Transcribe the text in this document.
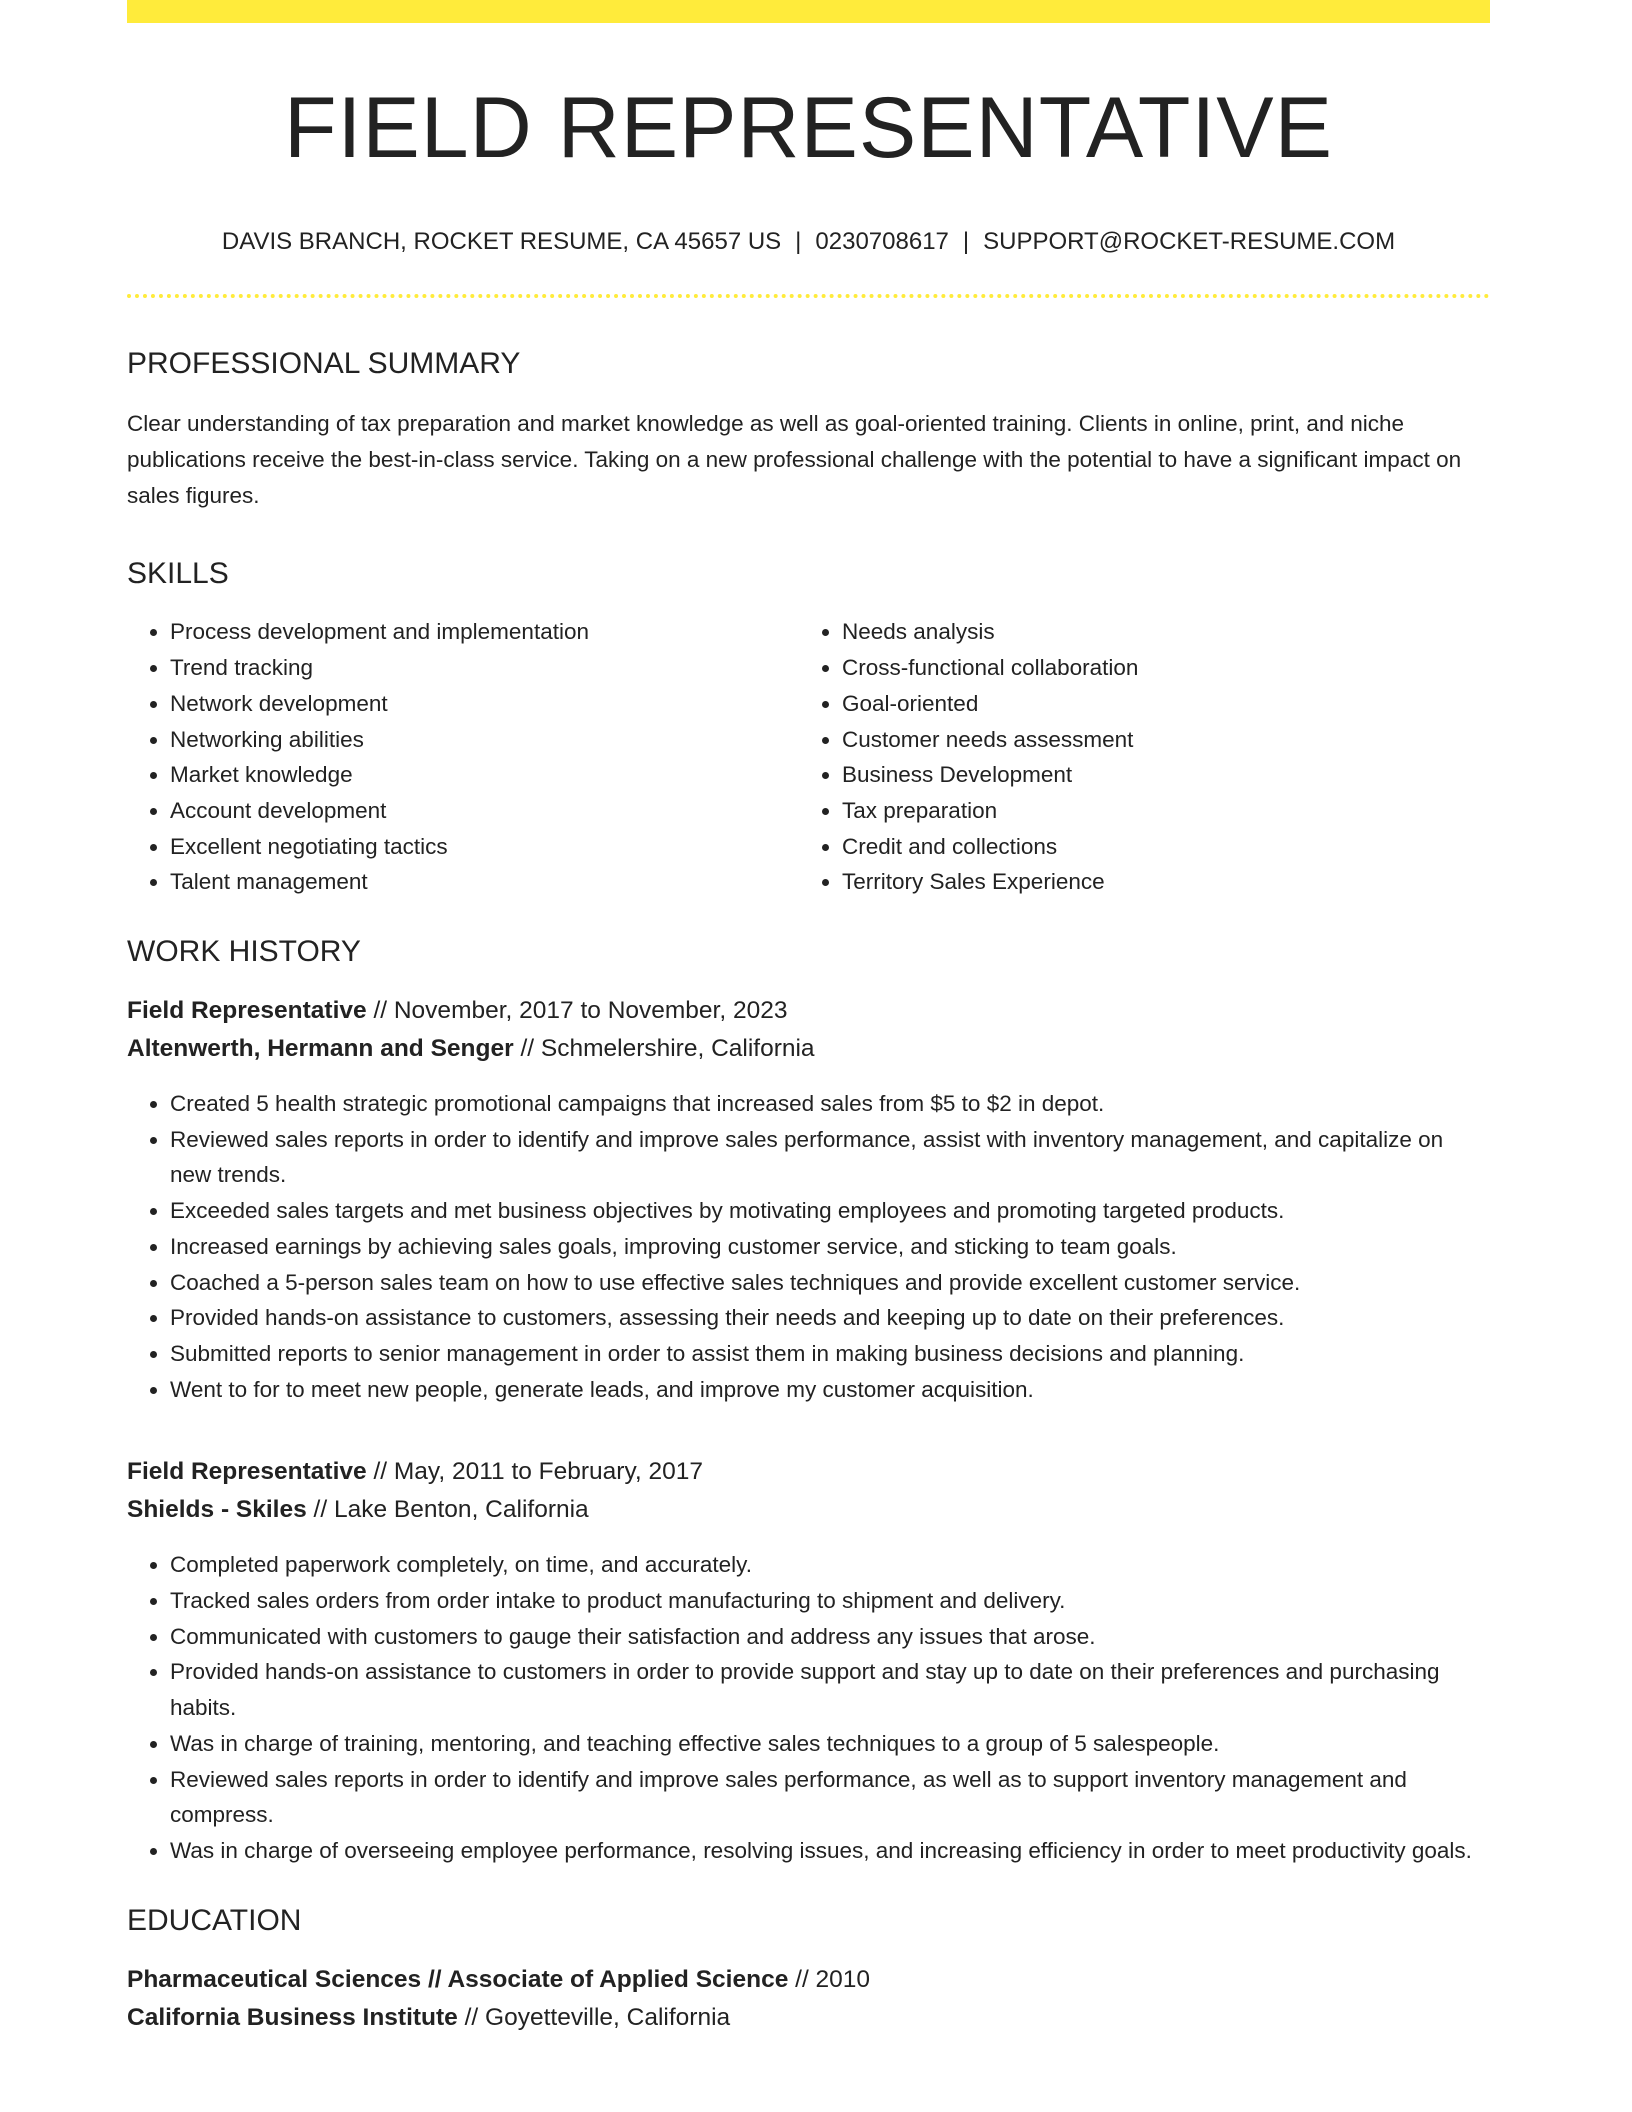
FIELD REPRESENTATIVE
DAVIS BRANCH, ROCKET RESUME, CA 45657 US | 0230708617 | SUPPORT@ROCKET-RESUME.COM
PROFESSIONAL SUMMARY

Clear understanding of tax preparation and market knowledge as well as goal-oriented training. Clients in online, print, and niche publications receive the best-in-class service. Taking on a new professional challenge with the potential to have a significant impact on sales figures.

SKILLS
• Process development and implementation
• Trend tracking
• Network development
• Networking abilities
• Market knowledge
• Account development
• Excellent negotiating tactics
• Talent management
• Needs analysis
• Cross-functional collaboration
• Goal-oriented
• Customer needs assessment
• Business Development
• Tax preparation
• Credit and collections
• Territory Sales Experience
WORK HISTORY
Field Representative // November, 2017 to November, 2023
Altenwerth, Hermann and Senger // Schmelershire, California
• Created 5 health strategic promotional campaigns that increased sales from $5 to $2 in depot.
• Reviewed sales reports in order to identify and improve sales performance, assist with inventory management, and capitalize on new trends.
• Exceeded sales targets and met business objectives by motivating employees and promoting targeted products.
• Increased earnings by achieving sales goals, improving customer service, and sticking to team goals.
• Coached a 5-person sales team on how to use effective sales techniques and provide excellent customer service.
• Provided hands-on assistance to customers, assessing their needs and keeping up to date on their preferences.
• Submitted reports to senior management in order to assist them in making business decisions and planning.
• Went to for to meet new people, generate leads, and improve my customer acquisition.
Field Representative // May, 2011 to February, 2017
Shields - Skiles // Lake Benton, California
• Completed paperwork completely, on time, and accurately.
• Tracked sales orders from order intake to product manufacturing to shipment and delivery.
• Communicated with customers to gauge their satisfaction and address any issues that arose.
• Provided hands-on assistance to customers in order to provide support and stay up to date on their preferences and purchasing habits.
• Was in charge of training, mentoring, and teaching effective sales techniques to a group of 5 salespeople.
• Reviewed sales reports in order to identify and improve sales performance, as well as to support inventory management and compress.
• Was in charge of overseeing employee performance, resolving issues, and increasing efficiency in order to meet productivity goals.
EDUCATION
Pharmaceutical Sciences // Associate of Applied Science // 2010
California Business Institute // Goyetteville, California
